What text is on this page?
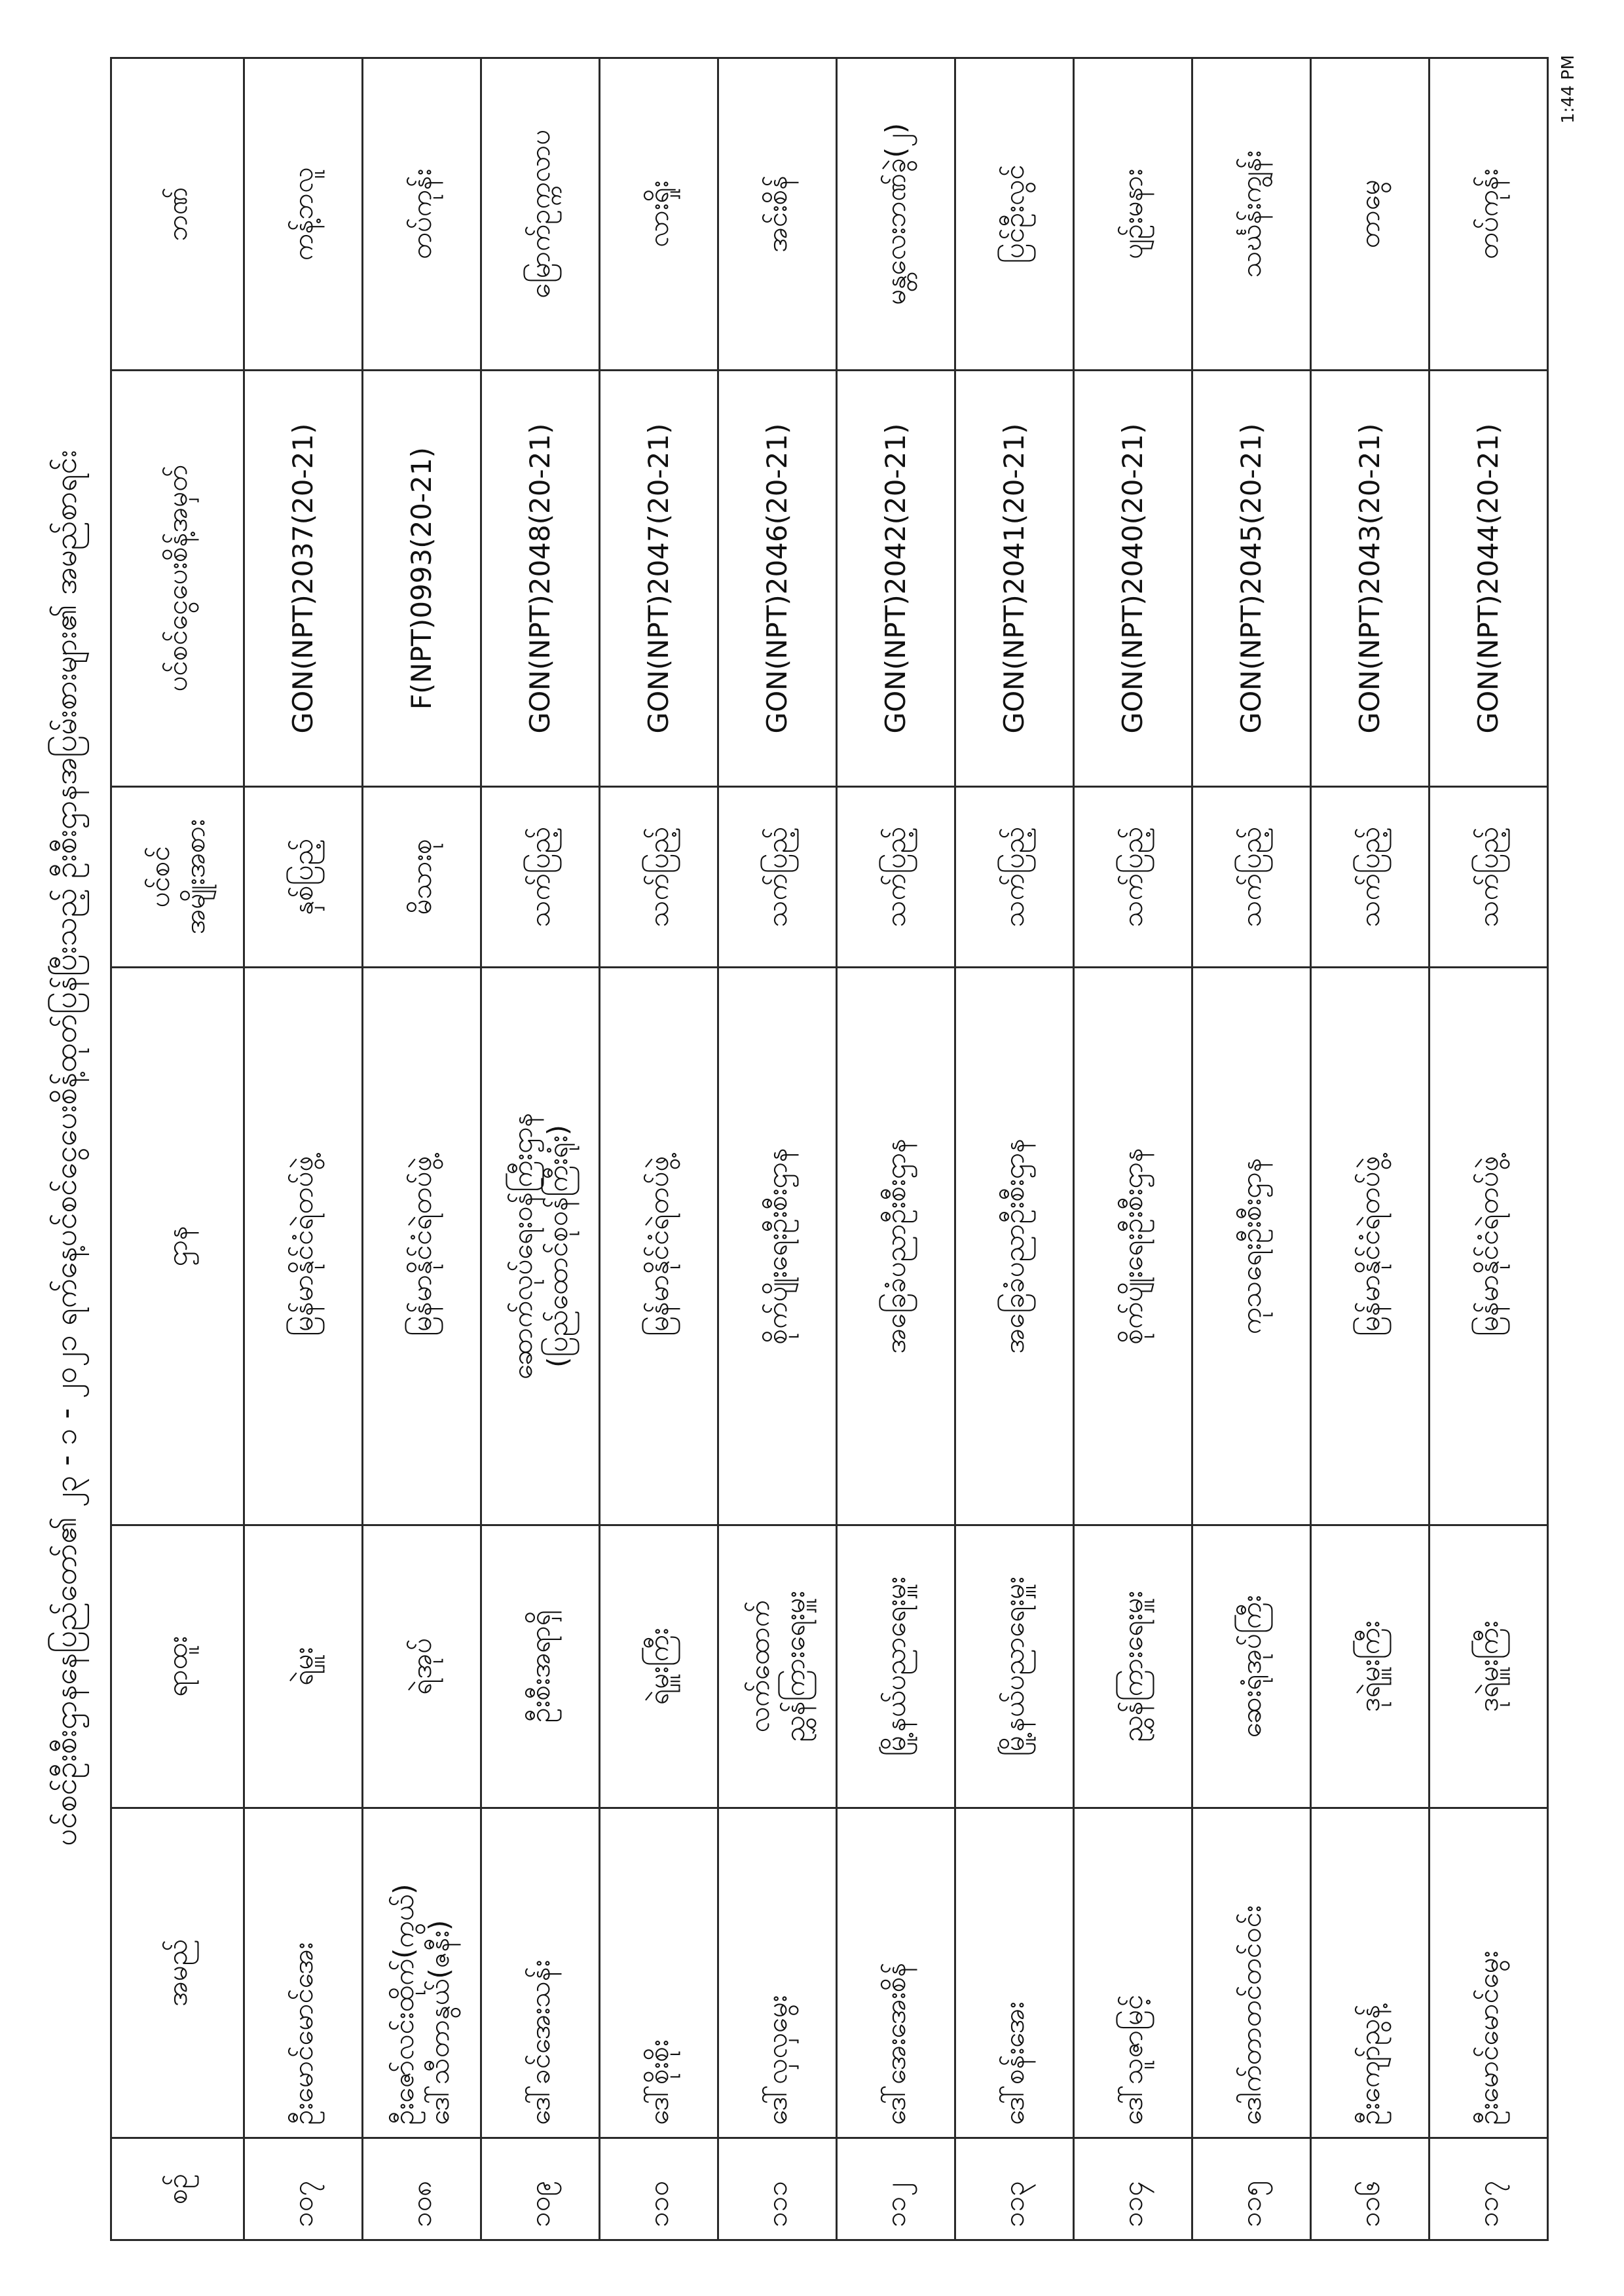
ပင်စင်ဦးစီးဌာနနေပြည်တော်၏ ၂၃ - ၁ - ၂၀၂၁ ရက်နေ့ပင်စင်ငွေပေးစိန့်ထုတ်ပြန်ပြီးသည့် ဦးစီးဌာနအပြမ်းစားများ၏ အမည်စာရင်း
စဉ်	အမည်	ရာထူး	ဌာန	ပင်စင်
အမျိုးအစား	ပင်စင်ငွေပေးစိန့်အမှတ်	ဘဏ်
၁၀၇	ဦးမောင်မောင်အေး	ရဲမှူး	မြန်မာနိုင်ငံရဲတပ်ဖွဲ့	နှစ်ပြည့်	GON(NPT)2037(20-21)	ကန့်ဘလူ
၁၀၈	ဦးဇော်လင်းထိုက်(ကွယ်)
ဒေါ်သီတာနွယ်(ဇနီး)	ရဲအုပ်	မြန်မာနိုင်ငံရဲတပ်ဖွဲ့	မိသားစု	F(NPT)0993(20-21)	တပ်ကုန်း
၁၀၉	ဒေါ်ခင်အေးသန်း	ဦးစီးအရာရှိ	ဆောက်လုပ်ရေးဝန်ကြီးဌာန
(ပြည်ထောင်စုဝန်ကြီးရုံး)	သက်ပြည့်	GON(NPT)2048(20-21)	မြောက်ဥက္ကလာပ
၁၁၀	ဒေါ်စိုးစိုး	ရဲမှူးကြီး	မြန်မာနိုင်ငံရဲတပ်ဖွဲ့	သက်ပြည့်	GON(NPT)2047(20-21)	လားရှိုး
၁၁၁	ဒေါ်လှလှမွေး	လက်ထောက်
ညွှန်ကြားရေးမှူး	စိုက်ပျိုးရေးဦးစီးဌာန	သက်ပြည့်	GON(NPT)2046(20-21)	အင်းစိန်
၁၁၂	ဒေါ်အေးအေးစိန်	မြို့နယ်ပညာရေးမှူး	အခြေခံပညာဦးစီးဌာန	သက်ပြည့်	GON(NPT)2042(20-21)	မန္တလေးဘဏ်ခွဲ(၂)
၁၁၃	ဒေါ်စန်းအေး	မြို့နယ်ပညာရေးမှူး	အခြေခံပညာဦးစီးဌာန	သက်ပြည့်	GON(NPT)2041(20-21)	ပြင်ဦးလွင်
၁၁၄	ဒေါ်သူဇာမြင့်	ညွှန်ကြားရေးမှူး	စိုက်ပျိုးရေးဦးစီးဌာန	သက်ပြည့်	GON(NPT)2040(20-21)	ပျဉ်းမနား
၁၁၅	ဒေါက်တာတင်တင်ဝင်း	ဆေးရုံအုပ်ကြီး	ကုသရေးဦးစီးဌာန	သက်ပြည့်	GON(NPT)2045(20-21)	သင်္ဃန်းကျွန်း
၁၁၆	ဦးကျော်ညွန့်	ဒုရဲမှူးကြီး	မြန်မာနိုင်ငံရဲတပ်ဖွဲ့	သက်ပြည့်	GON(NPT)2043(20-21)	တာမွေ
၁၁၇	ဦးမောင်မောင်မွေး	ဒုရဲမှူးကြီး	မြန်မာနိုင်ငံရဲတပ်ဖွဲ့	သက်ပြည့်	GON(NPT)2044(20-21)	တပ်ကုန်း
1:44 PM
